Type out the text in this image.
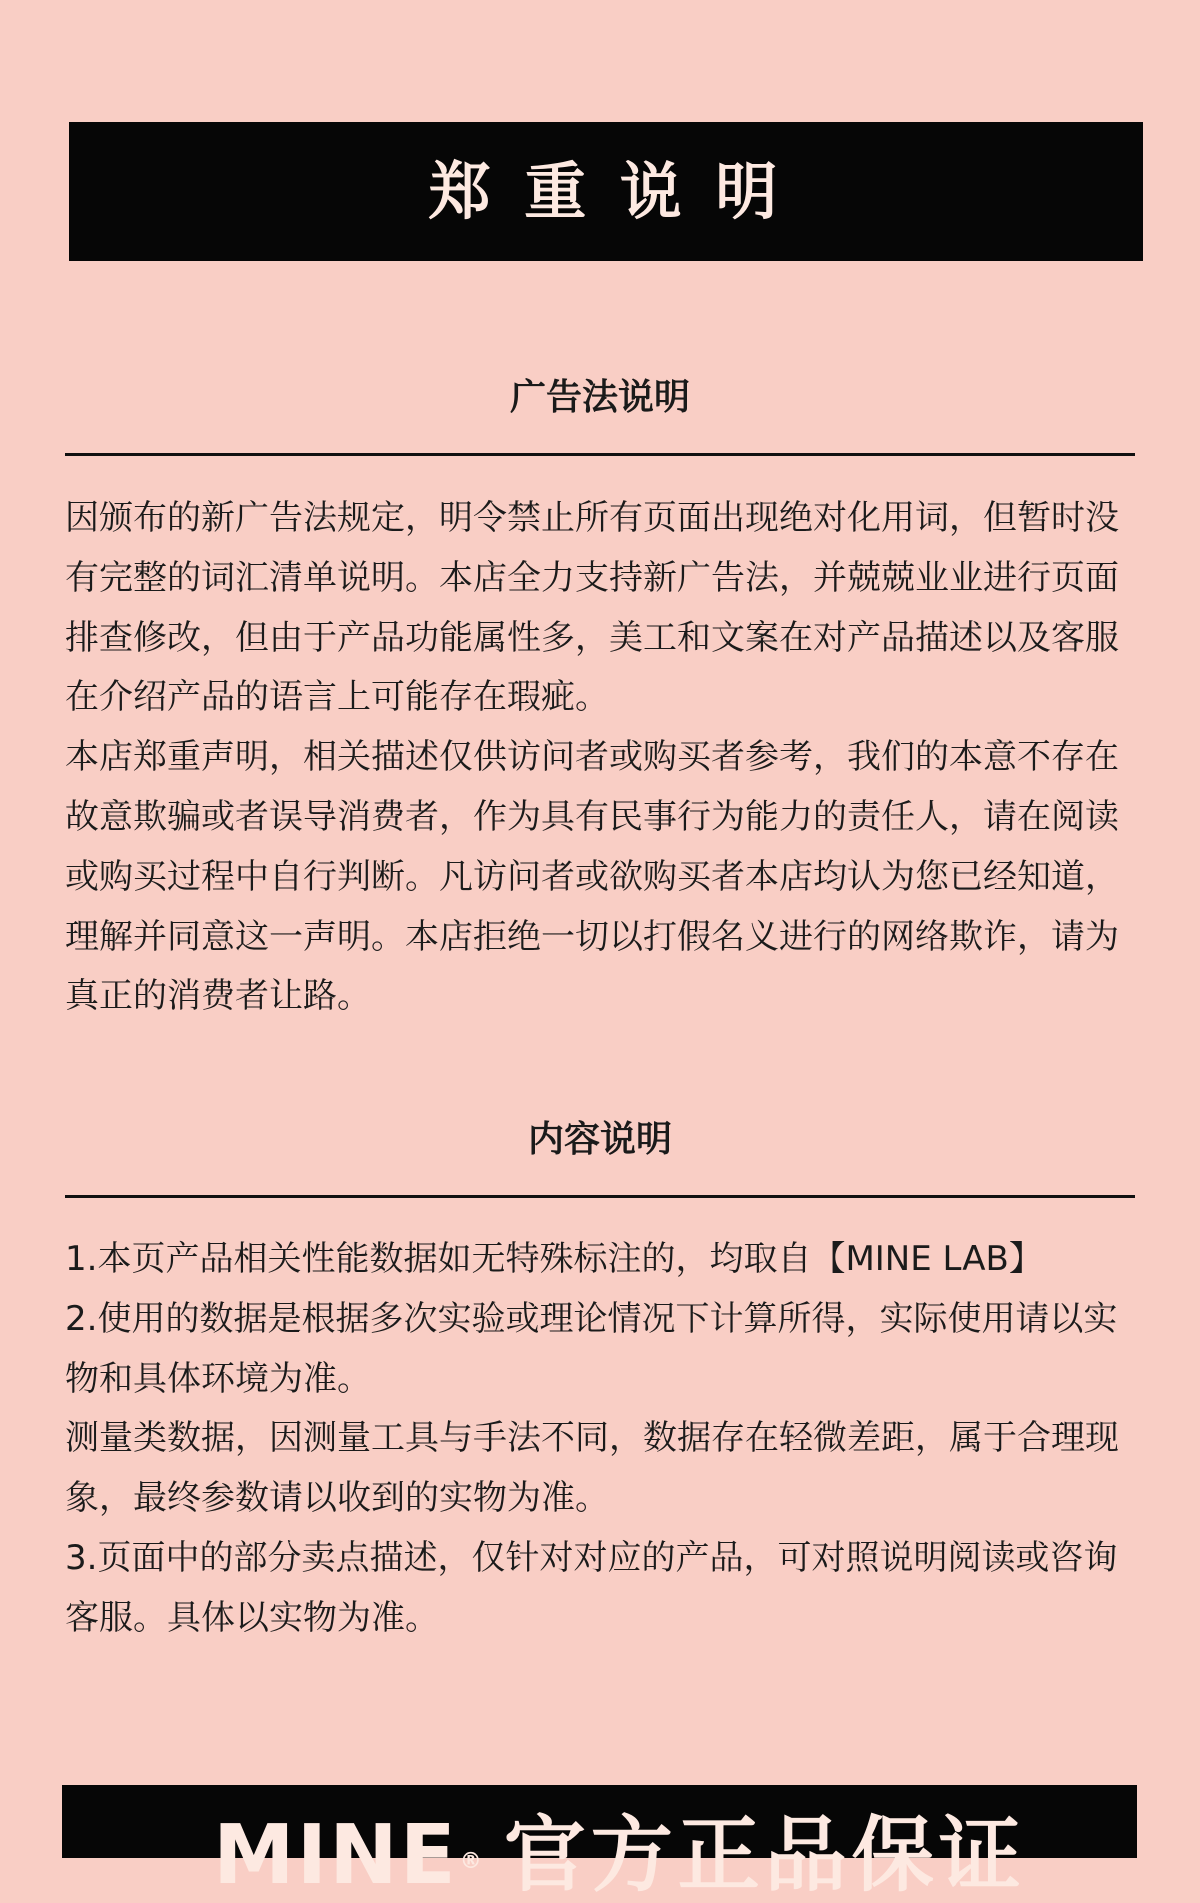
郑 重 说 明
广告法说明
因颁布的新广告法规定，明令禁止所有页面出现绝对化用词，但暂时没
有完整的词汇清单说明。本店全力支持新广告法，并兢兢业业进行页面
排查修改，但由于产品功能属性多，美工和文案在对产品描述以及客服
在介绍产品的语言上可能存在瑕疵。
本店郑重声明，相关描述仅供访问者或购买者参考，我们的本意不存在
故意欺骗或者误导消费者，作为具有民事行为能力的责任人，请在阅读
或购买过程中自行判断。凡访问者或欲购买者本店均认为您已经知道，
理解并同意这一声明。本店拒绝一切以打假名义进行的网络欺诈，请为
真正的消费者让路。
内容说明
1.本页产品相关性能数据如无特殊标注的，均取自【MINE LAB】
2.使用的数据是根据多次实验或理论情况下计算所得，实际使用请以实
物和具体环境为准。
测量类数据，因测量工具与手法不同，数据存在轻微差距，属于合理现
象，最终参数请以收到的实物为准。
3.页面中的部分卖点描述，仅针对对应的产品，可对照说明阅读或咨询
客服。具体以实物为准。
MINE® 官方正品保证
